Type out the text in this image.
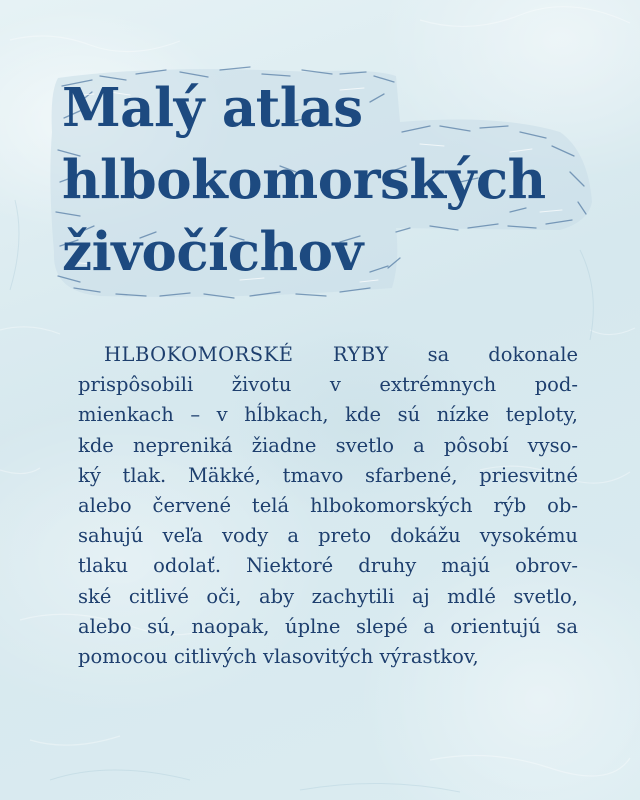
Malý atlas
hlbokomorských
živočíchov
HLBOKOMORSKÉ RYBY sa dokonale
prispôsobili životu v extrémnych pod-
mienkach – v hĺbkach, kde sú nízke teploty,
kde nepreniká žiadne svetlo a pôsobí vyso-
ký tlak. Mäkké, tmavo sfarbené, priesvitné
alebo červené telá hlbokomorských rýb ob-
sahujú veľa vody a preto dokážu vysokému
tlaku odolať. Niektoré druhy majú obrov-
ské citlivé oči, aby zachytili aj mdlé svetlo,
alebo sú, naopak, úplne slepé a orientujú sa
pomocou citlivých vlasovitých výrastkov,
